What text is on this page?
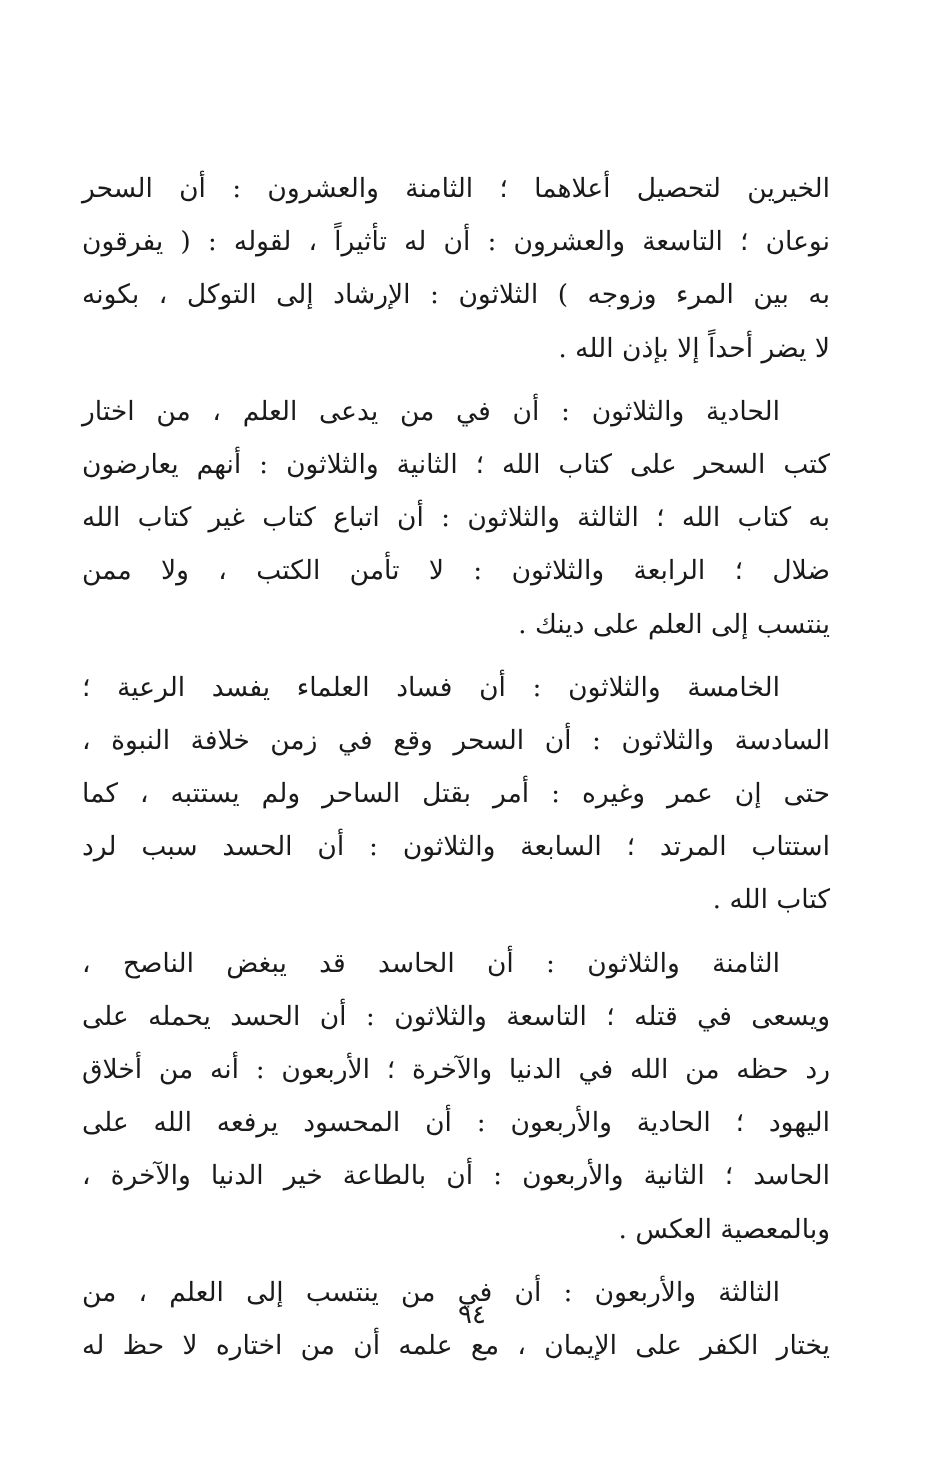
الخيرين لتحصيل أعلاهما ؛ الثامنة والعشرون : أن السحر
نوعان ؛ التاسعة والعشرون : أن له تأثيراً ، لقوله : ( يفرقون
به بين المرء وزوجه ) الثلاثون : الإرشاد إلى التوكل ، بكونه
لا يضر أحداً إلا بإذن الله .
الحادية والثلاثون : أن في من يدعى العلم ، من اختار
كتب السحر على كتاب الله ؛ الثانية والثلاثون : أنهم يعارضون
به كتاب الله ؛ الثالثة والثلاثون : أن اتباع كتاب غير كتاب الله
ضلال ؛ الرابعة والثلاثون : لا تأمن الكتب ، ولا ممن
ينتسب إلى العلم على دينك .
الخامسة والثلاثون : أن فساد العلماء يفسد الرعية ؛
السادسة والثلاثون : أن السحر وقع في زمن خلافة النبوة ،
حتى إن عمر وغيره : أمر بقتل الساحر ولم يستتبه ، كما
استتاب المرتد ؛ السابعة والثلاثون : أن الحسد سبب لرد
كتاب الله .
الثامنة والثلاثون : أن الحاسد قد يبغض الناصح ،
ويسعى في قتله ؛ التاسعة والثلاثون : أن الحسد يحمله على
رد حظه من الله في الدنيا والآخرة ؛ الأربعون : أنه من أخلاق
اليهود ؛ الحادية والأربعون : أن المحسود يرفعه الله على
الحاسد ؛ الثانية والأربعون : أن بالطاعة خير الدنيا والآخرة ،
وبالمعصية العكس .
الثالثة والأربعون : أن في من ينتسب إلى العلم ، من
يختار الكفر على الإيمان ، مع علمه أن من اختاره لا حظ له
٩٤
